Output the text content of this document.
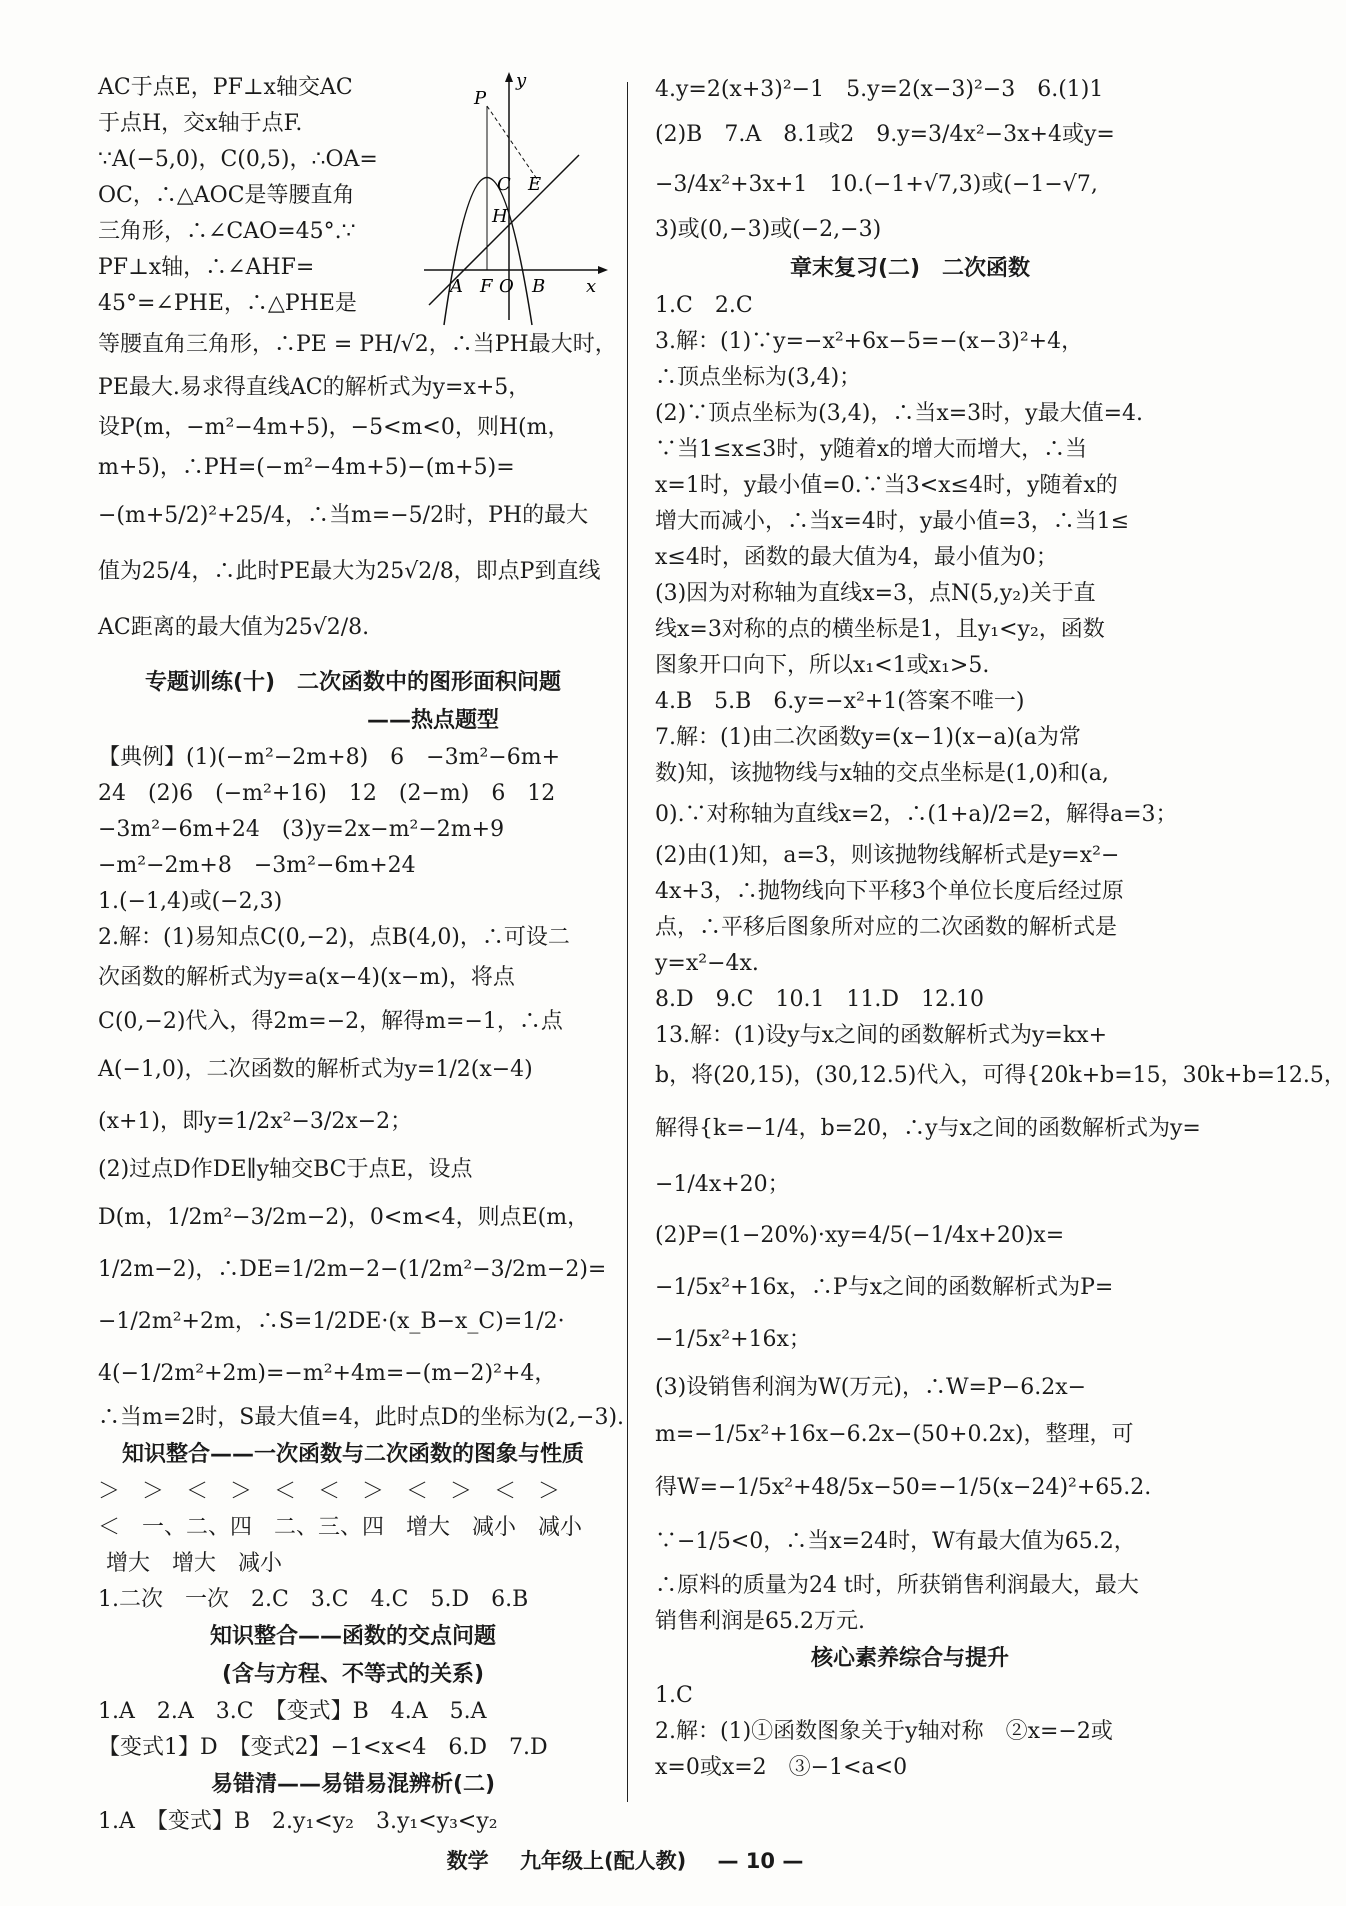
AC于点E，PF⊥x轴交AC
于点H，交x轴于点F.
∵A(−5,0)，C(0,5)，∴OA=
OC，∴△AOC是等腰直角
三角形，∴∠CAO=45°.∵
PF⊥x轴，∴∠AHF=
45°=∠PHE，∴△PHE是
y
P
C E
H
A F O B x
等腰直角三角形，∴PE = PH/√2，∴当PH最大时，
PE最大.易求得直线AC的解析式为y=x+5，
设P(m，−m²−4m+5)，−5<m<0，则H(m，
m+5)，∴PH=(−m²−4m+5)−(m+5)=
−(m+5/2)²+25/4，∴当m=−5/2时，PH的最大
值为25/4，∴此时PE最大为25√2/8，即点P到直线
AC距离的最大值为25√2/8.
专题训练(十)　二次函数中的图形面积问题
——热点题型
【典例】(1)(−m²−2m+8)　6　−3m²−6m+
24　(2)6　(−m²+16)　12　(2−m)　6　12
−3m²−6m+24　(3)y=2x−m²−2m+9
−m²−2m+8　−3m²−6m+24
1.(−1,4)或(−2,3)
2.解：(1)易知点C(0,−2)，点B(4,0)，∴可设二
次函数的解析式为y=a(x−4)(x−m)，将点
C(0,−2)代入，得2m=−2，解得m=−1，∴点
A(−1,0)，二次函数的解析式为y=1/2(x−4)
(x+1)，即y=1/2x²−3/2x−2；
(2)过点D作DE∥y轴交BC于点E，设点
D(m，1/2m²−3/2m−2)，0<m<4，则点E(m，
1/2m−2)，∴DE=1/2m−2−(1/2m²−3/2m−2)=
−1/2m²+2m，∴S=1/2DE·(x_B−x_C)=1/2·
4(−1/2m²+2m)=−m²+4m=−(m−2)²+4，
∴当m=2时，S最大值=4，此时点D的坐标为(2,−3).
知识整合——一次函数与二次函数的图象与性质
＞　＞　＜　＞　＜　＜　＞　＜　＞　＜　＞
＜　一、二、四　二、三、四　增大　减小　减小
增大　增大　减小
1.二次　一次　2.C　3.C　4.C　5.D　6.B
知识整合——函数的交点问题
(含与方程、不等式的关系)
1.A　2.A　3.C　【变式】B　4.A　5.A
【变式1】D　【变式2】−1<x<4　6.D　7.D
易错清——易错易混辨析(二)
1.A　【变式】B　2.y₁<y₂　3.y₁<y₃<y₂
4.y=2(x+3)²−1　5.y=2(x−3)²−3　6.(1)1
(2)B　7.A　8.1或2　9.y=3/4x²−3x+4或y=
−3/4x²+3x+1　10.(−1+√7,3)或(−1−√7,
3)或(0,−3)或(−2,−3)
章末复习(二)　二次函数
1.C　2.C
3.解：(1)∵y=−x²+6x−5=−(x−3)²+4，
∴顶点坐标为(3,4)；
(2)∵顶点坐标为(3,4)，∴当x=3时，y最大值=4.
∵当1≤x≤3时，y随着x的增大而增大，∴当
x=1时，y最小值=0.∵当3<x≤4时，y随着x的
增大而减小，∴当x=4时，y最小值=3，∴当1≤
x≤4时，函数的最大值为4，最小值为0；
(3)因为对称轴为直线x=3，点N(5,y₂)关于直
线x=3对称的点的横坐标是1，且y₁<y₂，函数
图象开口向下，所以x₁<1或x₁>5.
4.B　5.B　6.y=−x²+1(答案不唯一)
7.解：(1)由二次函数y=(x−1)(x−a)(a为常
数)知，该抛物线与x轴的交点坐标是(1,0)和(a,
0).∵对称轴为直线x=2，∴(1+a)/2=2，解得a=3；
(2)由(1)知，a=3，则该抛物线解析式是y=x²−
4x+3，∴抛物线向下平移3个单位长度后经过原
点，∴平移后图象所对应的二次函数的解析式是
y=x²−4x.
8.D　9.C　10.1　11.D　12.10
13.解：(1)设y与x之间的函数解析式为y=kx+
b，将(20,15)，(30,12.5)代入，可得{20k+b=15，30k+b=12.5，
解得{k=−1/4，b=20，∴y与x之间的函数解析式为y=
−1/4x+20；
(2)P=(1−20%)·xy=4/5(−1/4x+20)x=
−1/5x²+16x，∴P与x之间的函数解析式为P=
−1/5x²+16x；
(3)设销售利润为W(万元)，∴W=P−6.2x−
m=−1/5x²+16x−6.2x−(50+0.2x)，整理，可
得W=−1/5x²+48/5x−50=−1/5(x−24)²+65.2.
∵−1/5<0，∴当x=24时，W有最大值为65.2，
∴原料的质量为24 t时，所获销售利润最大，最大
销售利润是65.2万元.
核心素养综合与提升
1.C
2.解：(1)①函数图象关于y轴对称　②x=−2或
x=0或x=2　③−1<a<0
数学 九年级上(配人教) — 10 —
